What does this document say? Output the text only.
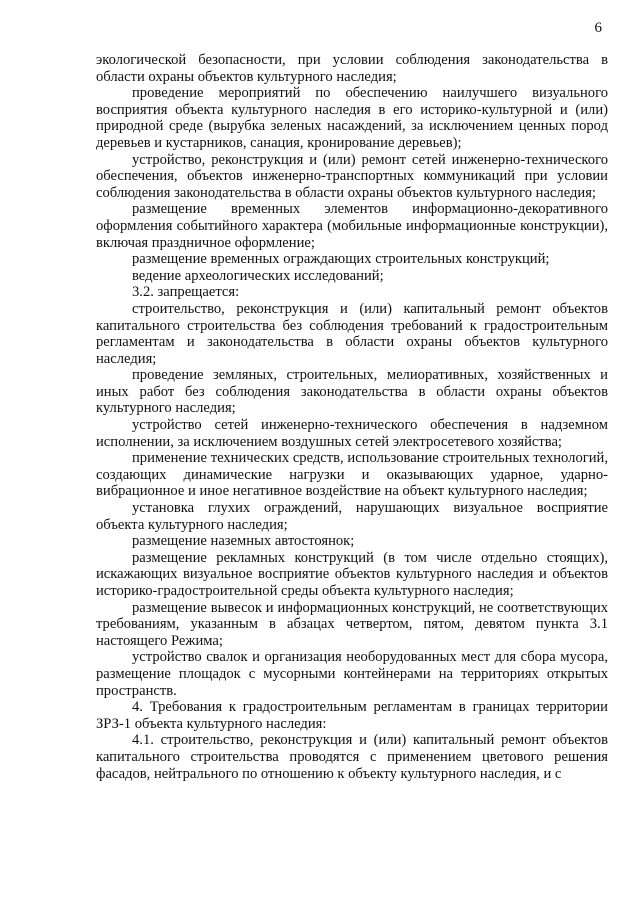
6

экологической безопасности, при условии соблюдения законодательства в области охраны объектов культурного наследия;

проведение мероприятий по обеспечению наилучшего визуального восприятия объекта культурного наследия в его историко-культурной и (или) природной среде (вырубка зеленых насаждений, за исключением ценных пород деревьев и кустарников, санация, кронирование деревьев);

устройство, реконструкция и (или) ремонт сетей инженерно-технического обеспечения, объектов инженерно-транспортных коммуникаций при условии соблюдения законодательства в области охраны объектов культурного наследия;

размещение временных элементов информационно-декоративного оформления событийного характера (мобильные информационные конструкции), включая праздничное оформление;

размещение временных ограждающих строительных конструкций;

ведение археологических исследований;

3.2. запрещается:

строительство, реконструкция и (или) капитальный ремонт объектов капитального строительства без соблюдения требований к градостроительным регламентам и законодательства в области охраны объектов культурного наследия;

проведение земляных, строительных, мелиоративных, хозяйственных и иных работ без соблюдения законодательства в области охраны объектов культурного наследия;

устройство сетей инженерно-технического обеспечения в надземном исполнении, за исключением воздушных сетей электросетевого хозяйства;

применение технических средств, использование строительных технологий, создающих динамические нагрузки и оказывающих ударное, ударно-вибрационное и иное негативное воздействие на объект культурного наследия;

установка глухих ограждений, нарушающих визуальное восприятие объекта культурного наследия;

размещение наземных автостоянок;

размещение рекламных конструкций (в том числе отдельно стоящих), искажающих визуальное восприятие объектов культурного наследия и объектов историко-градостроительной среды объекта культурного наследия;

размещение вывесок и информационных конструкций, не соответствующих требованиям, указанным в абзацах четвертом, пятом, девятом пункта 3.1 настоящего Режима;

устройство свалок и организация необорудованных мест для сбора мусора, размещение площадок с мусорными контейнерами на территориях открытых пространств.

4. Требования к градостроительным регламентам в границах территории ЗРЗ-1 объекта культурного наследия:

4.1. строительство, реконструкция и (или) капитальный ремонт объектов капитального строительства проводятся с применением цветового решения фасадов, нейтрального по отношению к объекту культурного наследия, и с
